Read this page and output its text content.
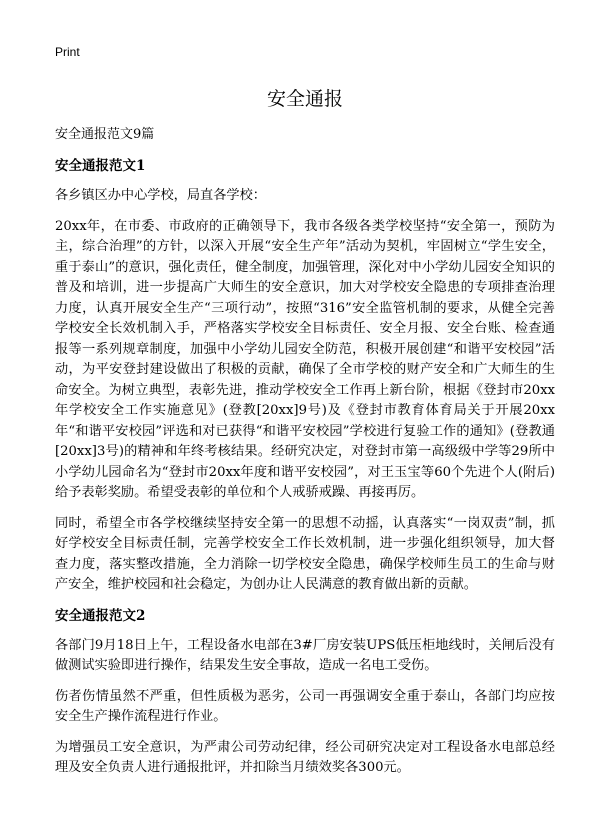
Print
安全通报
安全通报范文9篇
安全通报范文1

各乡镇区办中心学校，局直各学校：

20xx年，在市委、市政府的正确领导下，我市各级各类学校坚持“安全第一，预防为主，综合治理”的方针，以深入开展“安全生产年”活动为契机，牢固树立“学生安全，重于泰山”的意识，强化责任，健全制度，加强管理，深化对中小学幼儿园安全知识的普及和培训，进一步提高广大师生的安全意识，加大对学校安全隐患的专项排查治理力度，认真开展安全生产“三项行动”，按照“316”安全监管机制的要求，从健全完善学校安全长效机制入手，严格落实学校安全目标责任、安全月报、安全台账、检查通报等一系列规章制度，加强中小学幼儿园安全防范，积极开展创建“和谐平安校园”活动，为平安登封建设做出了积极的贡献，确保了全市学校的财产安全和广大师生的生命安全。为树立典型，表彰先进，推动学校安全工作再上新台阶，根据《登封市20xx年学校安全工作实施意见》(登教[20xx]9号)及《登封市教育体育局关于开展20xx年“和谐平安校园”评选和对已获得“和谐平安校园”学校进行复验工作的通知》(登教通[20xx]3号)的精神和年终考核结果。经研究决定，对登封市第一高级级中学等29所中小学幼儿园命名为“登封市20xx年度和谐平安校园”，对王玉宝等60个先进个人(附后)给予表彰奖励。希望受表彰的单位和个人戒骄戒躁、再接再厉。

同时，希望全市各学校继续坚持安全第一的思想不动摇，认真落实“一岗双责”制，抓好学校安全目标责任制，完善学校安全工作长效机制，进一步强化组织领导，加大督查力度，落实整改措施，全力消除一切学校安全隐患，确保学校师生员工的生命与财产安全，维护校园和社会稳定，为创办让人民满意的教育做出新的贡献。

安全通报范文2

各部门9月18日上午，工程设备水电部在3#厂房安装UPS低压柜地线时，关闸后没有做测试实验即进行操作，结果发生安全事故，造成一名电工受伤。

伤者伤情虽然不严重，但性质极为恶劣，公司一再强调安全重于泰山，各部门均应按安全生产操作流程进行作业。

为增强员工安全意识，为严肃公司劳动纪律，经公司研究决定对工程设备水电部总经理及安全负责人进行通报批评，并扣除当月绩效奖各300元。
